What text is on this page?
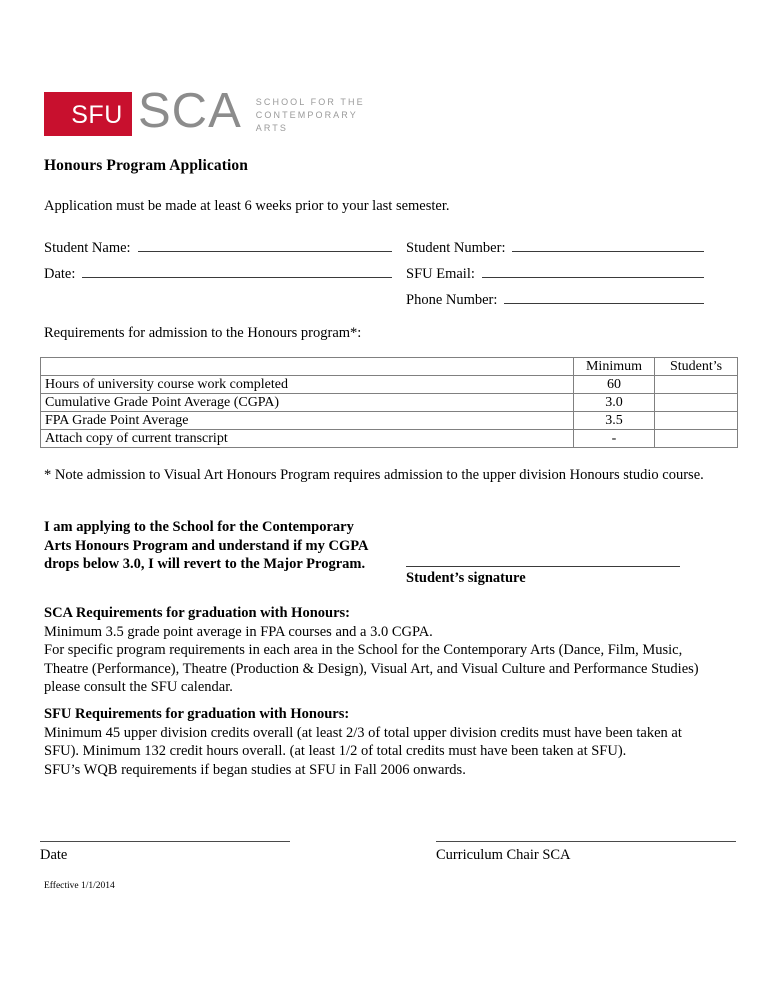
SFU SCA SCHOOL FOR THE
CONTEMPORARY
ARTS
Honours Program Application
Application must be made at least 6 weeks prior to your last semester.
Student Name:	Student Number:
Date:	SFU Email:
Phone Number:
Requirements for admission to the Honours program*:
	Minimum	Student’s
Hours of university course work completed	60	
Cumulative Grade Point Average (CGPA)	3.0	
FPA Grade Point Average	3.5	
Attach copy of current transcript	-	
* Note admission to Visual Art Honours Program requires admission to the upper division Honours studio course.
I am applying to the School for the Contemporary
Arts Honours Program and understand if my CGPA
drops below 3.0, I will revert to the Major Program.
Student’s signature
SCA Requirements for graduation with Honours:
Minimum 3.5 grade point average in FPA courses and a 3.0 CGPA.
For specific program requirements in each area in the School for the Contemporary Arts (Dance, Film, Music, Theatre (Performance), Theatre (Production & Design), Visual Art, and Visual Culture and Performance Studies) please consult the SFU calendar.
SFU Requirements for graduation with Honours:
Minimum 45 upper division credits overall (at least 2/3 of total upper division credits must have been taken at SFU). Minimum 132 credit hours overall. (at least 1/2 of total credits must have been taken at SFU).
SFU’s WQB requirements if began studies at SFU in Fall 2006 onwards.
Date	Curriculum Chair SCA
Effective 1/1/2014
